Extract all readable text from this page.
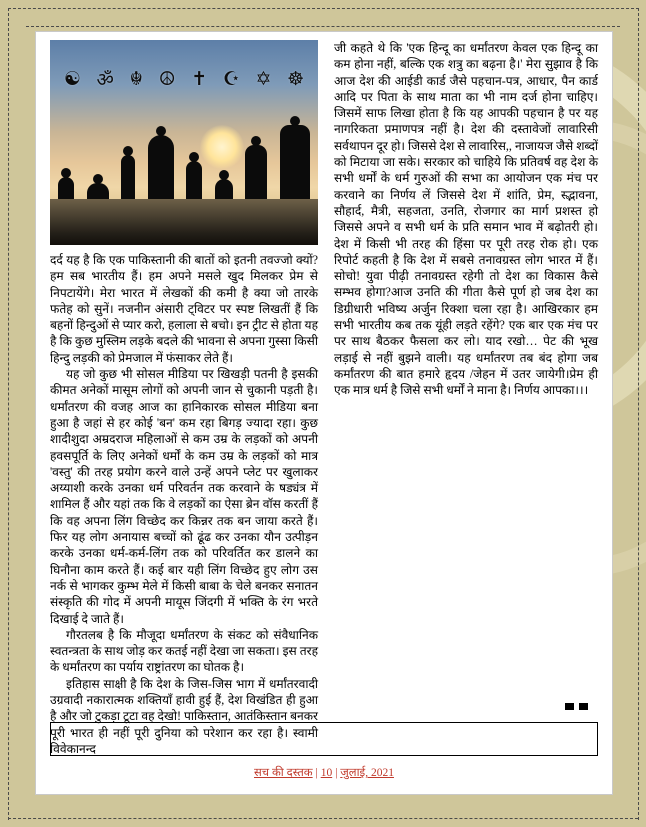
☯ ॐ ☬ ☮ ✝ ☪ ✡ ☸

दर्द यह है कि एक पाकिस्तानी की बातों को इतनी तवज्जो क्यों? हम सब भारतीय हैं। हम अपने मसले खुद मिलकर प्रेम से निपटायेंगे। मेरा भारत में लेखकों की कमी है क्या जो तारके फतेह को सुनें। नजनीन अंसारी ट्विटर पर स्पष्ट लिखतीं हैं कि बहनों हिन्दुओं से प्यार करो, हलाला से बचो। इन ट्रीट से होता यह है कि कुछ मुस्लिम लड़के बदले की भावना से अपना गुस्सा किसी हिन्दु लड़की को प्रेमजाल में फंसाकर लेते हैं।

यह जो कुछ भी सोसल मीडिया पर खिखड़ी पतनी है इसकी कीमत अनेकों मासूम लोगों को अपनी जान से चुकानी पड़ती है। धर्मांतरण की वजह आज का हानिकारक सोसल मीडिया बना हुआ है जहां से हर कोई 'बन' कम रहा बिगड़ ज्यादा रहा। कुछ शादीशुदा अम्रदराज महिलाओं से कम उम्र के लड़कों को अपनी हवसपूर्ति के लिए अनेकों धर्मों के कम उम्र के लड़कों को मात्र 'वस्तु' की तरह प्रयोग करने वाले उन्हें अपने प्लेट पर खुलाकर अय्याशी करके उनका धर्म परिवर्तन तक करवाने के षड्यंत्र में शामिल हैं और यहां तक कि वे लड़कों का ऐसा ब्रेन वॉस करतीं हैं कि वह अपना लिंग विच्छेद कर किन्नर तक बन जाया करते हैं। फिर यह लोग अनायास बच्चों को ढूंढ कर उनका यौन उत्पीड़न करके उनका धर्म-कर्म-लिंग तक को परिवर्तित कर डालने का घिनौना काम करते हैं। कई बार यही लिंग विच्छेद हुए लोग उस नर्क से भागकर कुम्भ मेले में किसी बाबा के चेले बनकर सनातन संस्कृति की गोद में अपनी मायूस जिंदगी में भक्ति के रंग भरते दिखाई दे जाते हैं।

गौरतलब है कि मौजूदा धर्मांतरण के संकट को संवैधानिक स्वतन्त्रता के साथ जोड़ कर कतई नहीं देखा जा सकता। इस तरह के धर्मांतरण का पर्याय राष्ट्रांतरण का घोतक है।

इतिहास साक्षी है कि देश के जिस-जिस भाग में धर्मांतरवादी उग्रवादी नकारात्मक शक्तियाँ हावी हुई हैं, देश विखंडित ही हुआ है और जो टुकड़ा टूटा वह देखो! पाकिस्तान, आतंकिस्तान बनकर पूरी भारत ही नहीं पूरी दुनिया को परेशान कर रहा है। स्वामी विवेकानन्द

जी कहते थे कि 'एक हिन्दू का धर्मांतरण केवल एक हिन्दू का कम होना नहीं, बल्कि एक शत्रु का बढ़ना है।' मेरा सुझाव है कि आज देश की आईडी कार्ड जैसे पहचान-पत्र, आधार, पैन कार्ड आदि पर पिता के साथ माता का भी नाम दर्ज होना चाहिए।जिसमें साफ लिखा होता है कि यह आपकी पहचान है पर यह नागरिकता प्रमाणपत्र नहीं है। देश की दस्तावेजों लावारिसी सर्वथापन दूर हो। जिससे देश से लावारिस,, नाजायज जैसे शब्दों को मिटाया जा सके। सरकार को चाहिये कि प्रतिवर्ष वह देश के सभी धर्मों के धर्म गुरुओं की सभा का आयोजन एक मंच पर करवाने का निर्णय लें जिससे देश में शांति, प्रेम, स्द्भावना, सौहार्द, मैत्री, सहजता, उनति, रोजगार का मार्ग प्रशस्त हो जिससे अपने व सभी धर्म के प्रति समान भाव में बढ़ोतरी हो। देश में किसी भी तरह की हिंसा पर पूरी तरह रोक हो। एक रिपोर्ट कहती है कि देश में सबसे तनावग्रस्त लोग भारत में हैं। सोचो! युवा पीढ़ी तनावग्रस्त रहेगी तो देश का विकास कैसे सम्भव होगा?आज उनति की गीता कैसे पूर्ण हो जब देश का डिग्रीधारी भविष्य अर्जुन रिक्शा चला रहा है। आखिरकार हम सभी भारतीय कब तक यूंही लड़ते रहेंगे? एक बार एक मंच पर पर साथ बैठकर फैसला कर लो। याद रखो… पेट की भूख लड़ाई से नहीं बुझने वाली। यह धर्मांतरण तब बंद होगा जब कर्मांतरण की बात हमारे हृदय /जेहन में उतर जायेगी।प्रेम ही एक मात्र धर्म है जिसे सभी धर्मों ने माना है। निर्णय आपका।।।

सच की दस्तक | 10 | जुलाई, 2021
